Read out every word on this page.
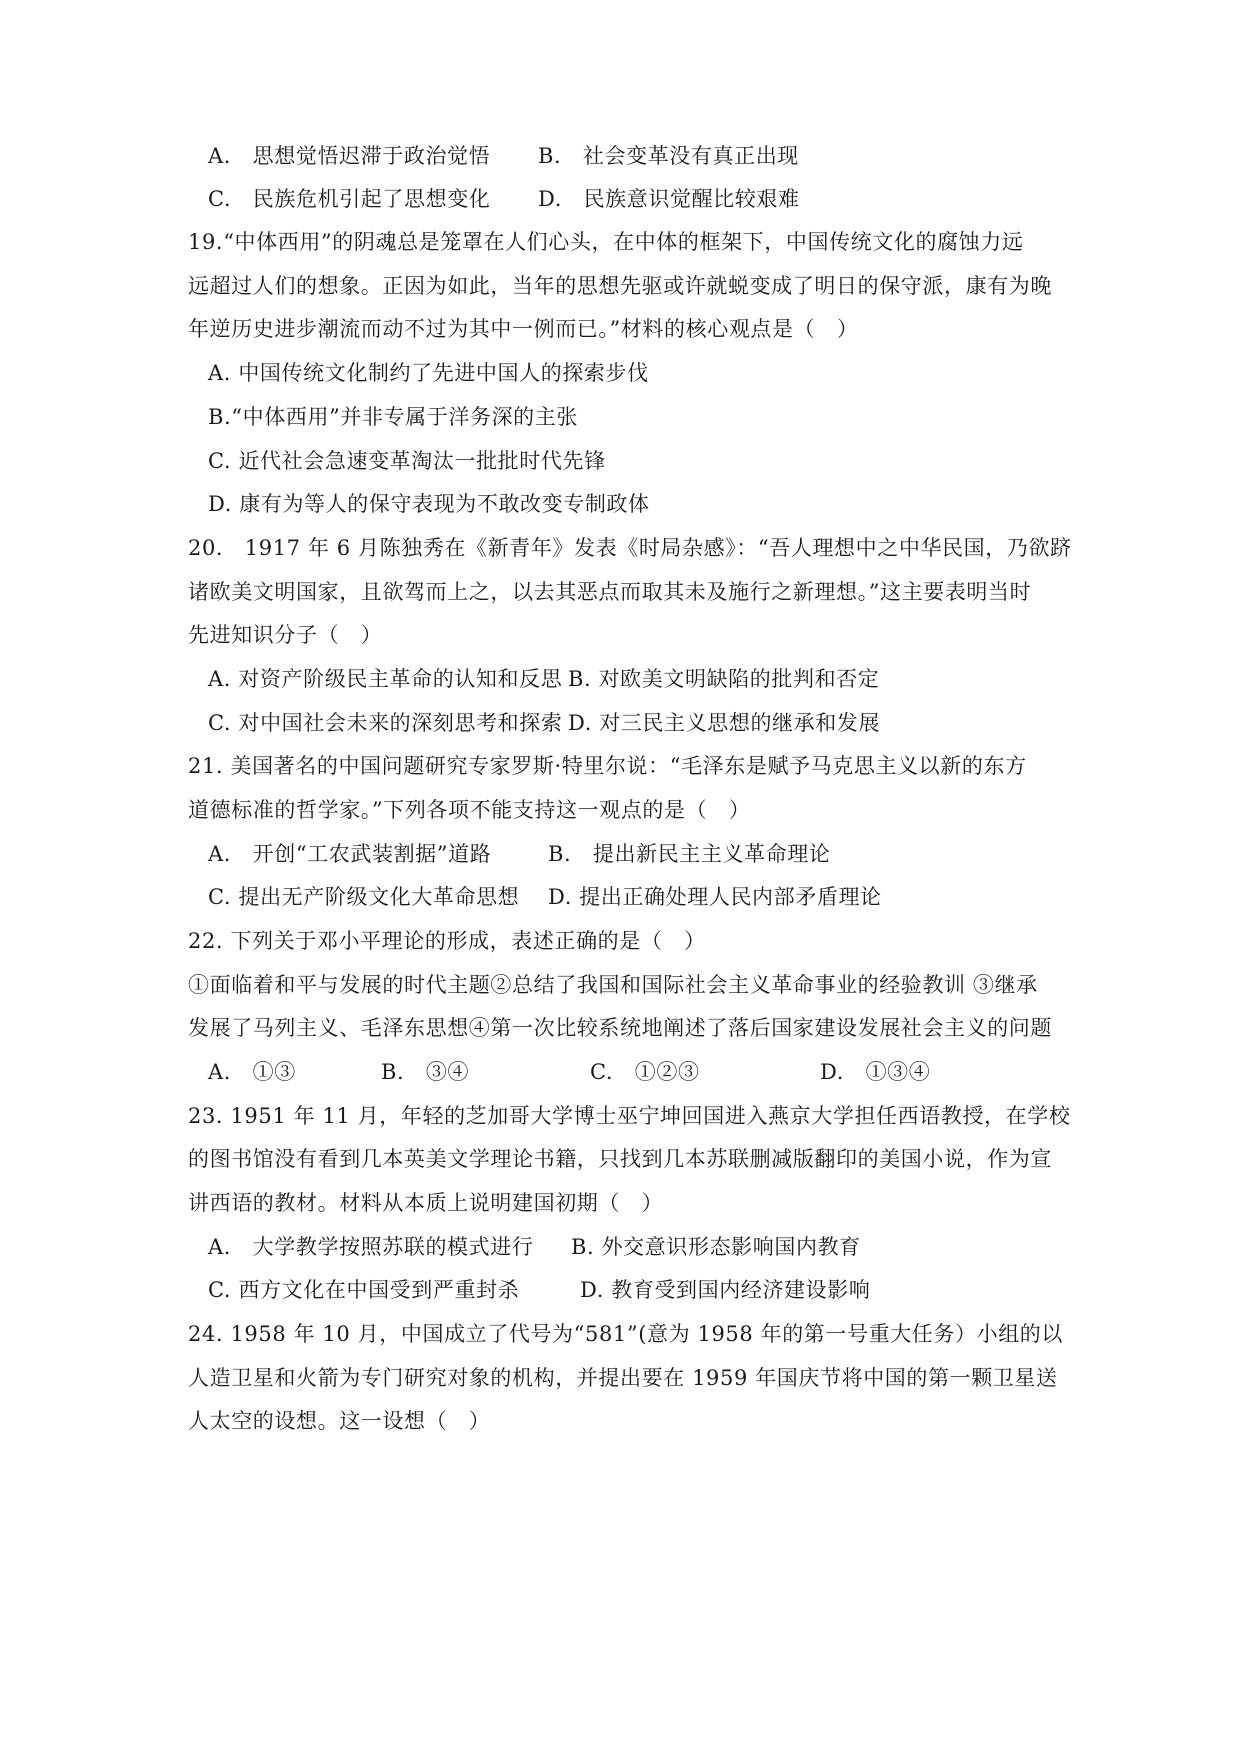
A.　思想觉悟迟滞于政治觉悟 B.　社会变革没有真正出现
C.　民族危机引起了思想变化 D.　民族意识觉醒比较艰难
19.“中体西用”的阴魂总是笼罩在人们心头，在中体的框架下，中国传统文化的腐蚀力远
远超过人们的想象。正因为如此，当年的思想先驱或许就蜕变成了明日的保守派，康有为晚
年逆历史进步潮流而动不过为其中一例而已。”材料的核心观点是（　）
A. 中国传统文化制约了先进中国人的探索步伐
B.“中体西用”并非专属于洋务深的主张
C. 近代社会急速变革淘汰一批批时代先锋
D. 康有为等人的保守表现为不敢改变专制政体
20.　1917 年 6 月陈独秀在《新青年》发表《时局杂感》：“吾人理想中之中华民国，乃欲跻
诸欧美文明国家，且欲驾而上之，以去其恶点而取其未及施行之新理想。”这主要表明当时
先进知识分子（　）
A. 对资产阶级民主革命的认知和反思 B. 对欧美文明缺陷的批判和否定
C. 对中国社会未来的深刻思考和探索 D. 对三民主义思想的继承和发展
21. 美国著名的中国问题研究专家罗斯·特里尔说：“毛泽东是赋予马克思主义以新的东方
道德标准的哲学家。”下列各项不能支持这一观点的是（　）
A.　开创“工农武装割据”道路	B.　提出新民主主义革命理论
C. 提出无产阶级文化大革命思想 D. 提出正确处理人民内部矛盾理论
22. 下列关于邓小平理论的形成，表述正确的是（　）
①面临着和平与发展的时代主题②总结了我国和国际社会主义革命事业的经验教训 ③继承
发展了马列主义、毛泽东思想④第一次比较系统地阐述了落后国家建设发展社会主义的问题
A.　①③	B.　③④	C.　①②③	D.　①③④
23. 1951 年 11 月，年轻的芝加哥大学博士巫宁坤回国进入燕京大学担任西语教授，在学校
的图书馆没有看到几本英美文学理论书籍，只找到几本苏联删减版翻印的美国小说，作为宣
讲西语的教材。材料从本质上说明建国初期（　）
A.　大学教学按照苏联的模式进行 B. 外交意识形态影响国内教育
C. 西方文化在中国受到严重封杀	D. 教育受到国内经济建设影响
24. 1958 年 10 月，中国成立了代号为“581”(意为 1958 年的第一号重大任务）小组的以
人造卫星和火箭为专门研究对象的机构，并提出要在 1959 年国庆节将中国的第一颗卫星送
人太空的设想。这一设想（　）
